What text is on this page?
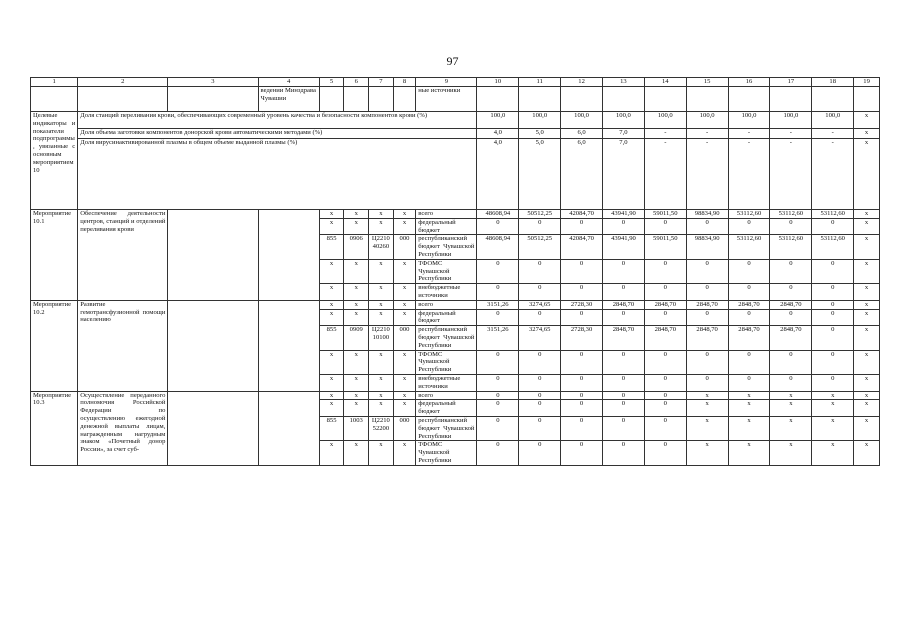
97
1	2	3	4	5	6	7	8	9	10	11	12	13	14	15	16	17	18	19
			ведении Минздрава Чувашии					ные источники										
Целевые индикаторы и показатели подпрограммы, увязанные с основным мероприятием 10	Доля станций переливания крови, обеспечивающих современный уровень качества и безопасности компонентов крови (%)								100,0	100,0	100,0	100,0	100,0	100,0	100,0	100,0	100,0	х
	Доля объема заготовки компонентов донорской крови автоматическими методами (%)								4,0	5,0	6,0	7,0	-	-	-	-	-	х
	Доля вирусинактивированной плазмы в общем объеме выданной плазмы (%)								4,0	5,0	6,0	7,0	-	-	-	-	-	х
Мероприятие 10.1	Обеспечение деятельности центров, станций и отделений переливания крови			х	х	х	х	всего	48608,94	50512,25	42084,70	43941,90	59011,50	98834,90	53112,60	53112,60	53112,60	х
				х	х	х	х	федеральный бюджет	0	0	0	0	0	0	0	0	0	х
				855	0906	Ц2210 40260	000	республиканский бюджет Чувашской Республики	48608,94	50512,25	42084,70	43941,90	59011,50	98834,90	53112,60	53112,60	53112,60	х
				х	х	х	х	ТФОМС Чувашской Республики	0	0	0	0	0	0	0	0	0	х
				х	х	х	х	внебюджетные источники	0	0	0	0	0	0	0	0	0	х
Мероприятие 10.2	Развитие гемотрансфузионной помощи населению			х	х	х	х	всего	3151,26	3274,65	2728,30	2848,70	2848,70	2848,70	2848,70	2848,70	0	х
				х	х	х	х	федеральный бюджет	0	0	0	0	0	0	0	0	0	х
				855	0909	Ц2210 10100	000	республиканский бюджет Чувашской Республики	3151,26	3274,65	2728,30	2848,70	2848,70	2848,70	2848,70	2848,70	0	х
				х	х	х	х	ТФОМС Чувашской Республики	0	0	0	0	0	0	0	0	0	х
				х	х	х	х	внебюджетные источники	0	0	0	0	0	0	0	0	0	х
Мероприятие 10.3	Осуществление переданного полномочия Российской Федерации по осуществлению ежегодной денежной выплаты лицам, награжденным нагрудным знаком «Почетный донор России», за счет суб-			х	х	х	х	всего	0	0	0	0	0	х	х	х	х	х
				х	х	х	х	федеральный бюджет	0	0	0	0	0	х	х	х	х	х
				855	1003	Ц2210 52200	000	республиканский бюджет Чувашской Республики	0	0	0	0	0	х	х	х	х	х
				х	х	х	х	ТФОМС Чувашской Республики	0	0	0	0	0	х	х	х	х	х
